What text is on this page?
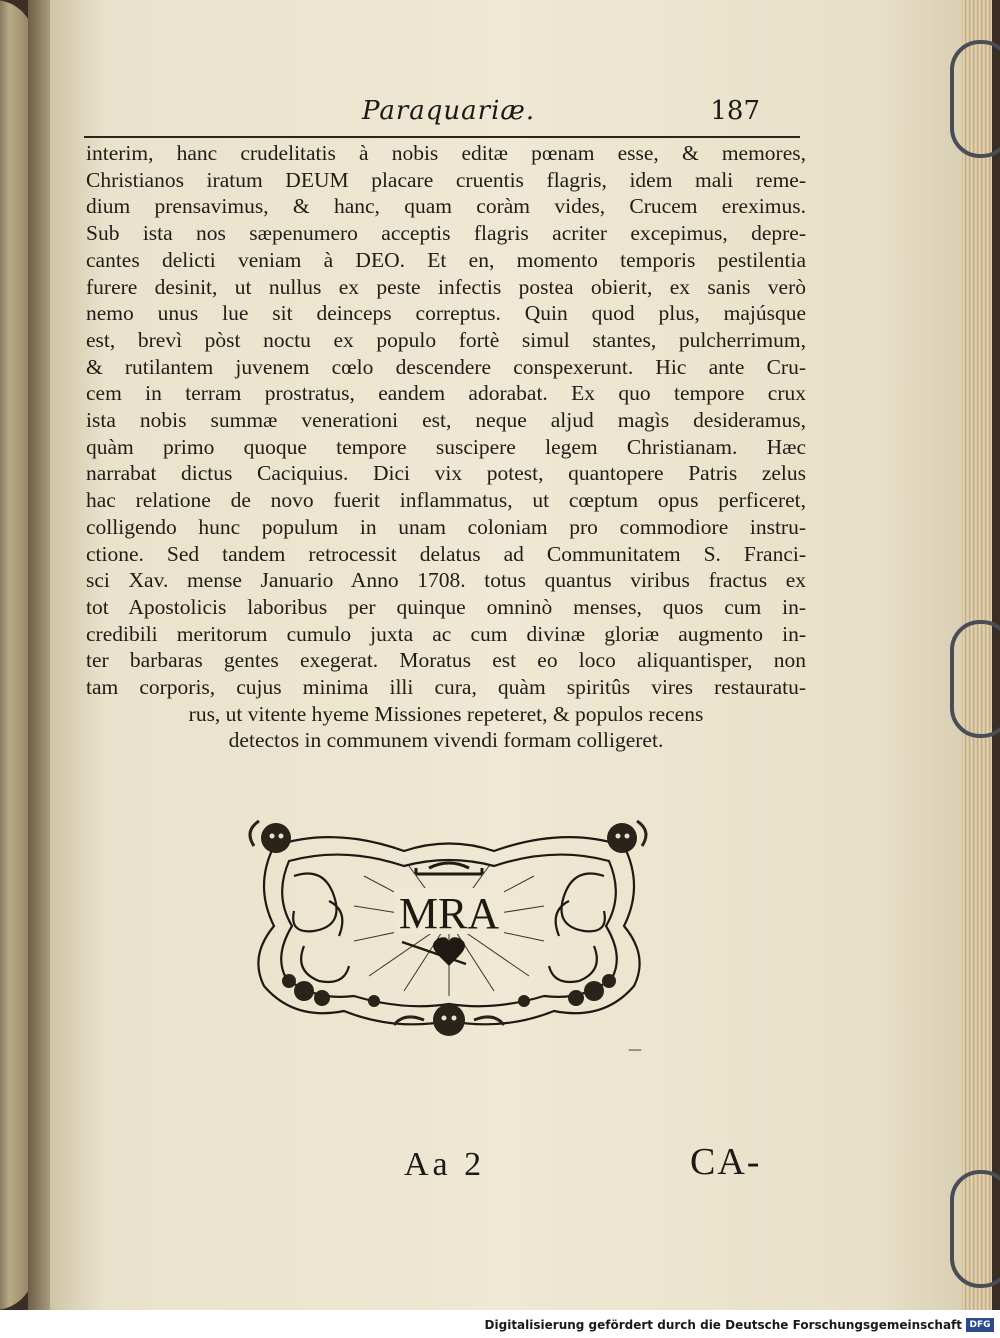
Paraquariæ.	187
interim, hanc crudelitatis à nobis editæ pœnam esse, & memores,
Christianos iratum DEUM placare cruentis flagris, idem mali reme-
dium prensavimus, & hanc, quam coràm vides, Crucem ereximus.
Sub ista nos sæpenumero acceptis flagris acriter excepimus, depre-
cantes delicti veniam à DEO. Et en, momento temporis pestilentia
furere desinit, ut nullus ex peste infectis postea obierit, ex sanis verò
nemo unus lue sit deinceps correptus. Quin quod plus, majúsque
est, brevì pòst noctu ex populo fortè simul stantes, pulcherrimum,
& rutilantem juvenem cœlo descendere conspexerunt. Hic ante Cru-
cem in terram prostratus, eandem adorabat. Ex quo tempore crux
ista nobis summæ venerationi est, neque aljud magìs desideramus,
quàm primo quoque tempore suscipere legem Christianam. Hæc
narrabat dictus Caciquius. Dici vix potest, quantopere Patris zelus
hac relatione de novo fuerit inflammatus, ut cœptum opus perficeret,
colligendo hunc populum in unam coloniam pro commodiore instru-
ctione. Sed tandem retrocessit delatus ad Communitatem S. Franci-
sci Xav. mense Januario Anno 1708. totus quantus viribus fractus ex
tot Apostolicis laboribus per quinque omninò menses, quos cum in-
credibili meritorum cumulo juxta ac cum divinæ gloriæ augmento in-
ter barbaras gentes exegerat. Moratus est eo loco aliquantisper, non
tam corporis, cujus minima illi cura, quàm spiritûs vires restauratu-
rus, ut vitente hyeme Missiones repeteret, & populos recens
detectos in communem vivendi formam colligeret.
MRA
—
Aa 2	CA-
Digitalisierung gefördert durch die Deutsche Forschungsgemeinschaft DFG
